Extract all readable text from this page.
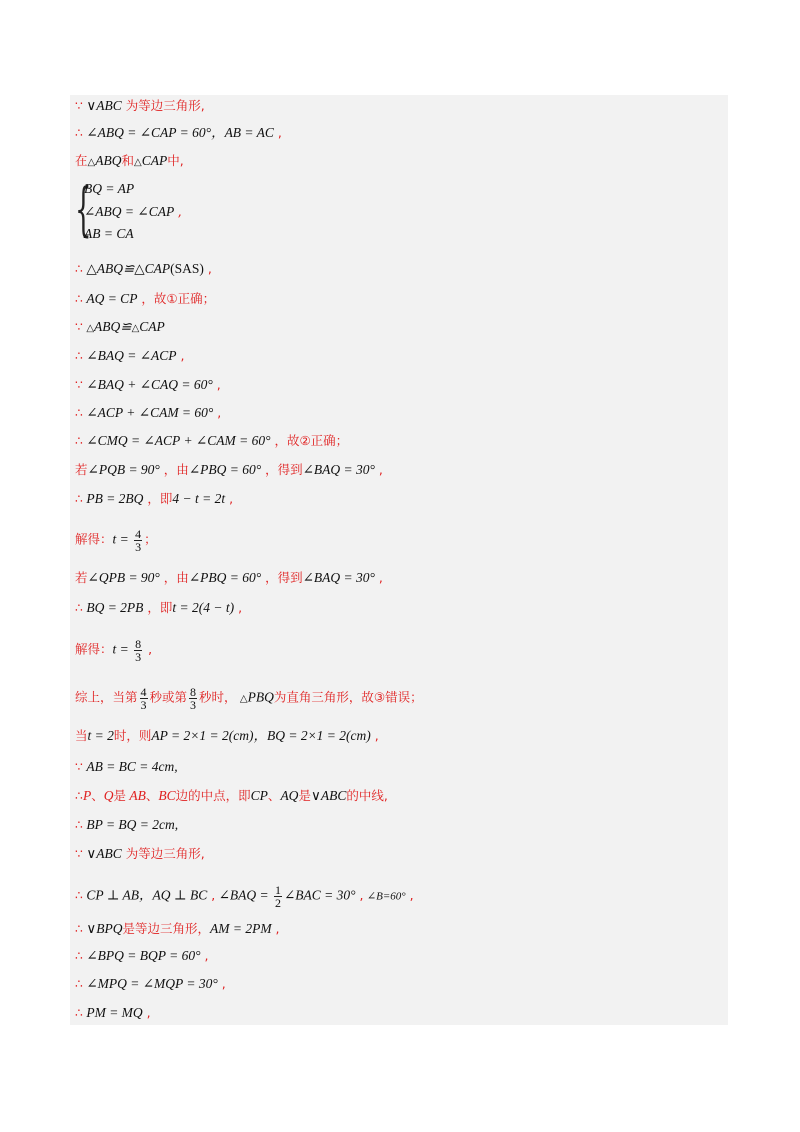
∵ ∨ABC 为等边三角形,
∴ ∠ABQ = ∠CAP = 60°，AB = AC ,
在△ABQ和△CAP中,
{
BQ = AP
∠ABQ = ∠CAP ,
AB = CA
∴ △ABQ≌△CAP(SAS) ,
∴ AQ = CP ，故①正确；
∵ △ABQ≌△CAP
∴ ∠BAQ = ∠ACP ,
∵ ∠BAQ + ∠CAQ = 60° ,
∴ ∠ACP + ∠CAM = 60° ,
∴ ∠CMQ = ∠ACP + ∠CAM = 60° ，故②正确；
若∠PQB = 90° ，由∠PBQ = 60° ，得到∠BAQ = 30° ,
∴ PB = 2BQ ，即4 − t = 2t ,
解得：$t = \frac{4}{3}$ ；
若∠QPB = 90° ，由∠PBQ = 60° ，得到∠BAQ = 30° ,
∴ BQ = 2PB ，即t = 2(4 − t) ,
解得：$t = \frac{8}{3}$ ,
综上，当第 $\frac{4}{3}$ 秒或第 $\frac{8}{3}$ 秒时， △PBQ为直角三角形，故③错误；
当t = 2时，则AP = 2×1 = 2(cm)，BQ = 2×1 = 2(cm) ,
∵ AB = BC = 4cm,
∴P、Q是 AB、BC边的中点，即CP、AQ是∨ABC的中线,
∴ BP = BQ = 2cm,
∵ ∨ABC 为等边三角形,
∴ CP ⊥ AB，AQ ⊥ BC , ∠BAQ = $\frac{1}{2}$ ∠BAC = 30° , ∠B=60° ,
∴ ∨BPQ是等边三角形，AM = 2PM ,
∴ ∠BPQ = BQP = 60° ,
∴ ∠MPQ = ∠MQP = 30° ,
∴ PM = MQ ,
